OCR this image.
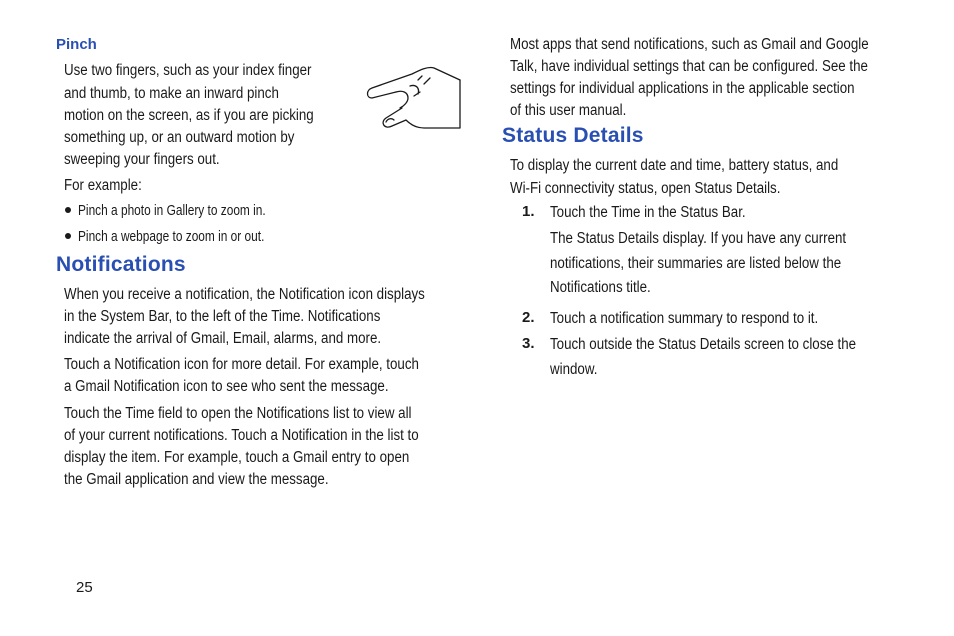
Pinch

Use two fingers, such as your index finger

and thumb, to make an inward pinch

motion on the screen, as if you are picking

something up, or an outward motion by

sweeping your fingers out.

For example:

Pinch a photo in Gallery to zoom in.

Pinch a webpage to zoom in or out.

Notifications

When you receive a notification, the Notification icon displays

in the System Bar, to the left of the Time. Notifications

indicate the arrival of Gmail, Email, alarms, and more.

Touch a Notification icon for more detail. For example, touch

a Gmail Notification icon to see who sent the message.

Touch the Time field to open the Notifications list to view all

of your current notifications. Touch a Notification in the list to

display the item. For example, touch a Gmail entry to open

the Gmail application and view the message.

Most apps that send notifications, such as Gmail and Google

Talk, have individual settings that can be configured. See the

settings for individual applications in the applicable section

of this user manual.

Status Details

To display the current date and time, battery status, and

Wi-Fi connectivity status, open Status Details.

1. Touch the Time in the Status Bar.

The Status Details display. If you have any current

notifications, their summaries are listed below the

Notifications title.

2. Touch a notification summary to respond to it.

3. Touch outside the Status Details screen to close the

window.

25
